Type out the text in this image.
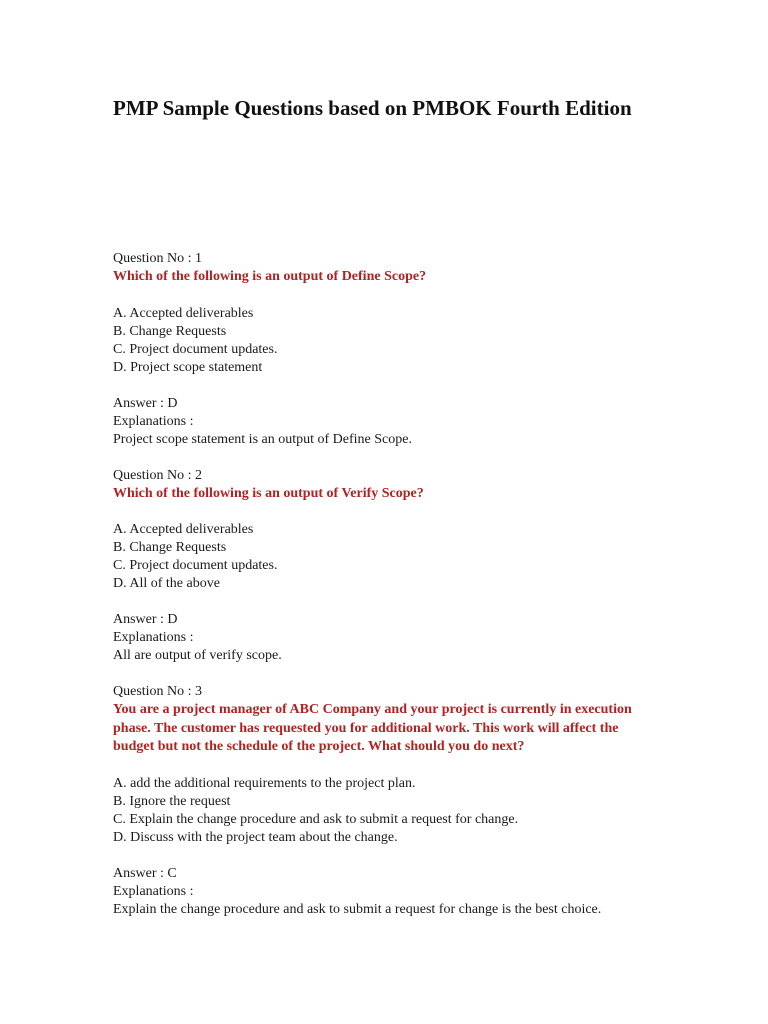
PMP Sample Questions based on PMBOK Fourth Edition

Question No : 1

Which of the following is an output of Define Scope?

A. Accepted deliverables

B. Change Requests

C. Project document updates.

D. Project scope statement

Answer : D

Explanations :

Project scope statement is an output of Define Scope.

Question No : 2

Which of the following is an output of Verify Scope?

A. Accepted deliverables

B. Change Requests

C. Project document updates.

D. All of the above

Answer : D

Explanations :

All are output of verify scope.

Question No : 3

You are a project manager of ABC Company and your project is currently in execution phase. The customer has requested you for additional work. This work will affect the budget but not the schedule of the project. What should you do next?

A. add the additional requirements to the project plan.

B. Ignore the request

C. Explain the change procedure and ask to submit a request for change.

D. Discuss with the project team about the change.

Answer : C

Explanations :

Explain the change procedure and ask to submit a request for change is the best choice.
